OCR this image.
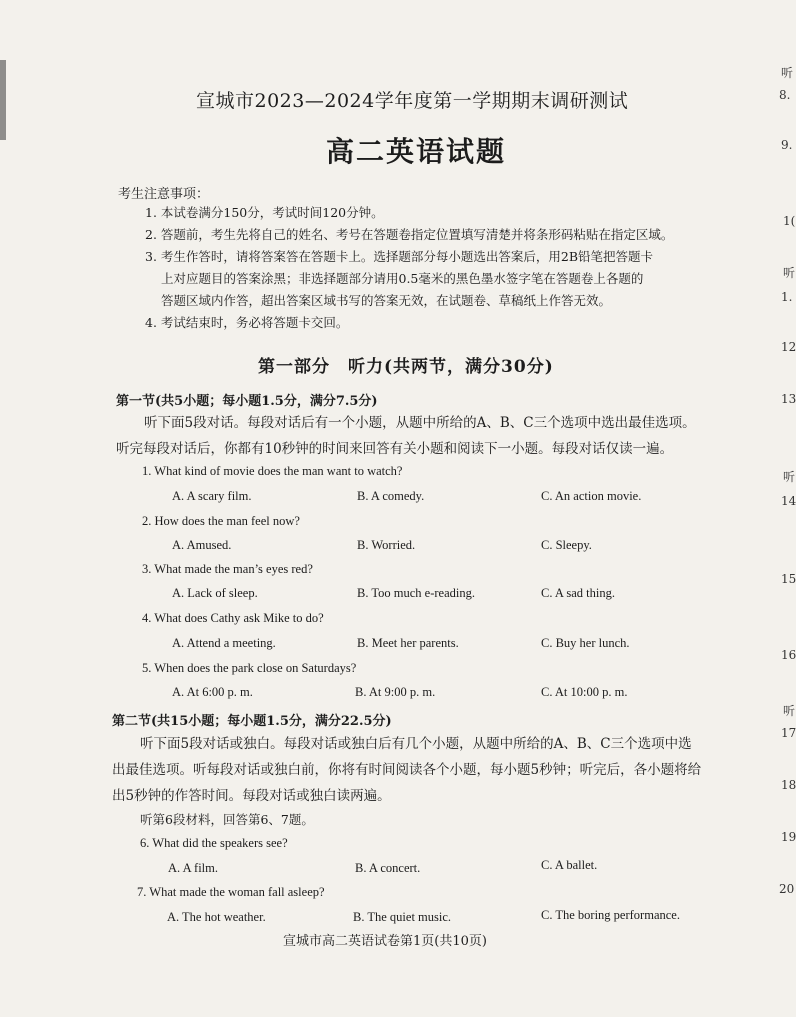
宣城市2023—2024学年度第一学期期末调研测试
高二英语试题
考生注意事项：
1. 本试卷满分150分，考试时间120分钟。
2. 答题前，考生先将自己的姓名、考号在答题卷指定位置填写清楚并将条形码粘贴在指定区域。
3. 考生作答时，请将答案答在答题卡上。选择题部分每小题选出答案后，用2B铅笔把答题卡
上对应题目的答案涂黑；非选择题部分请用0.5毫米的黑色墨水签字笔在答题卷上各题的
答题区域内作答，超出答案区域书写的答案无效，在试题卷、草稿纸上作答无效。
4. 考试结束时，务必将答题卡交回。
第一部分　听力(共两节，满分30分)
第一节(共5小题；每小题1.5分，满分7.5分)
听下面5段对话。每段对话后有一个小题，从题中所给的A、B、C三个选项中选出最佳选项。
听完每段对话后，你都有10秒钟的时间来回答有关小题和阅读下一小题。每段对话仅读一遍。
1. What kind of movie does the man want to watch?
A. A scary film.	B. A comedy.	C. An action movie.
2. How does the man feel now?
A. Amused.	B. Worried.	C. Sleepy.
3. What made the man’s eyes red?
A. Lack of sleep.	B. Too much e-reading.	C. A sad thing.
4. What does Cathy ask Mike to do?
A. Attend a meeting.	B. Meet her parents.	C. Buy her lunch.
5. When does the park close on Saturdays?
A. At 6:00 p. m.	B. At 9:00 p. m.	C. At 10:00 p. m.
第二节(共15小题；每小题1.5分，满分22.5分)
听下面5段对话或独白。每段对话或独白后有几个小题，从题中所给的A、B、C三个选项中选
出最佳选项。听每段对话或独白前，你将有时间阅读各个小题，每小题5秒钟；听完后，各小题将给
出5秒钟的作答时间。每段对话或独白读两遍。
听第6段材料，回答第6、7题。
6. What did the speakers see?
A. A film.	B. A concert.	C. A ballet.
7. What made the woman fall asleep?
A. The hot weather.	B. The quiet music.	C. The boring performance.
宣城市高二英语试卷第1页(共10页)
听
8.
9.
1(
听
1.
12
13
听
14
15
16
听
17
18
19
20
